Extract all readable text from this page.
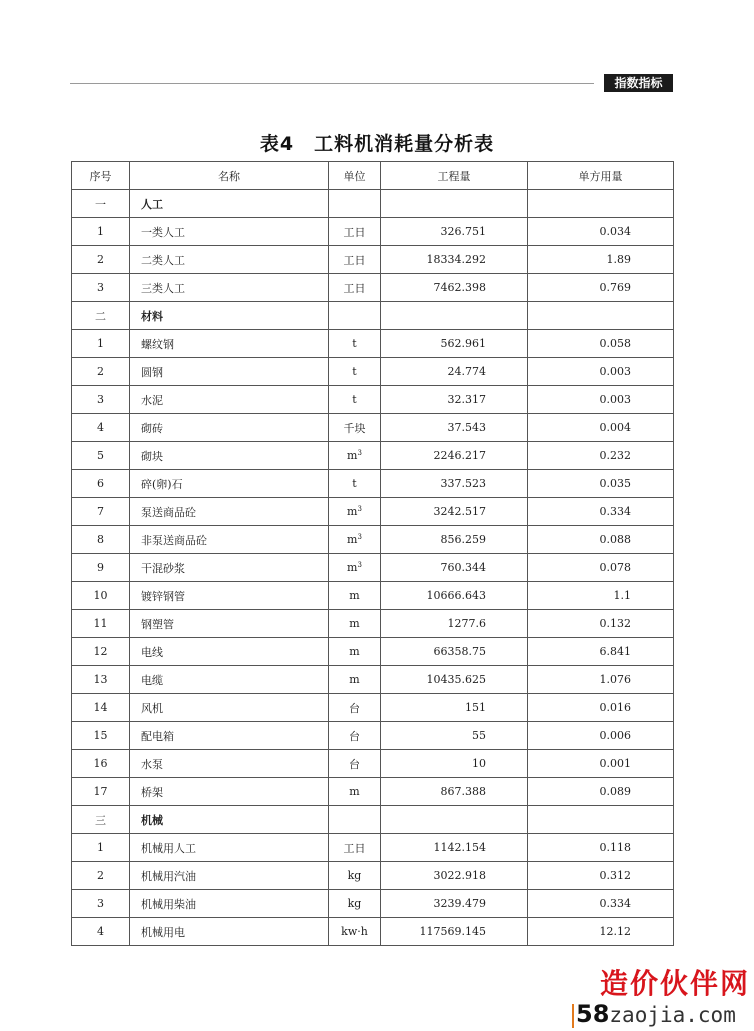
指数指标
表4　工料机消耗量分析表
序号	名称	单位	工程量	单方用量
一	人工			
1	一类人工	工日	326.751	0.034
2	二类人工	工日	18334.292	1.89
3	三类人工	工日	7462.398	0.769
二	材料			
1	螺纹钢	t	562.961	0.058
2	圆钢	t	24.774	0.003
3	水泥	t	32.317	0.003
4	砌砖	千块	37.543	0.004
5	砌块	$m^3$	2246.217	0.232
6	碎(卵)石	t	337.523	0.035
7	泵送商品砼	$m^3$	3242.517	0.334
8	非泵送商品砼	$m^3$	856.259	0.088
9	干混砂浆	$m^3$	760.344	0.078
10	镀锌钢管	m	10666.643	1.1
11	钢塑管	m	1277.6	0.132
12	电线	m	66358.75	6.841
13	电缆	m	10435.625	1.076
14	风机	台	151	0.016
15	配电箱	台	55	0.006
16	水泵	台	10	0.001
17	桥架	m	867.388	0.089
三	机械			
1	机械用人工	工日	1142.154	0.118
2	机械用汽油	kg	3022.918	0.312
3	机械用柴油	kg	3239.479	0.334
4	机械用电	kw·h	117569.145	12.12
造价伙伴网
58zaojia.com
